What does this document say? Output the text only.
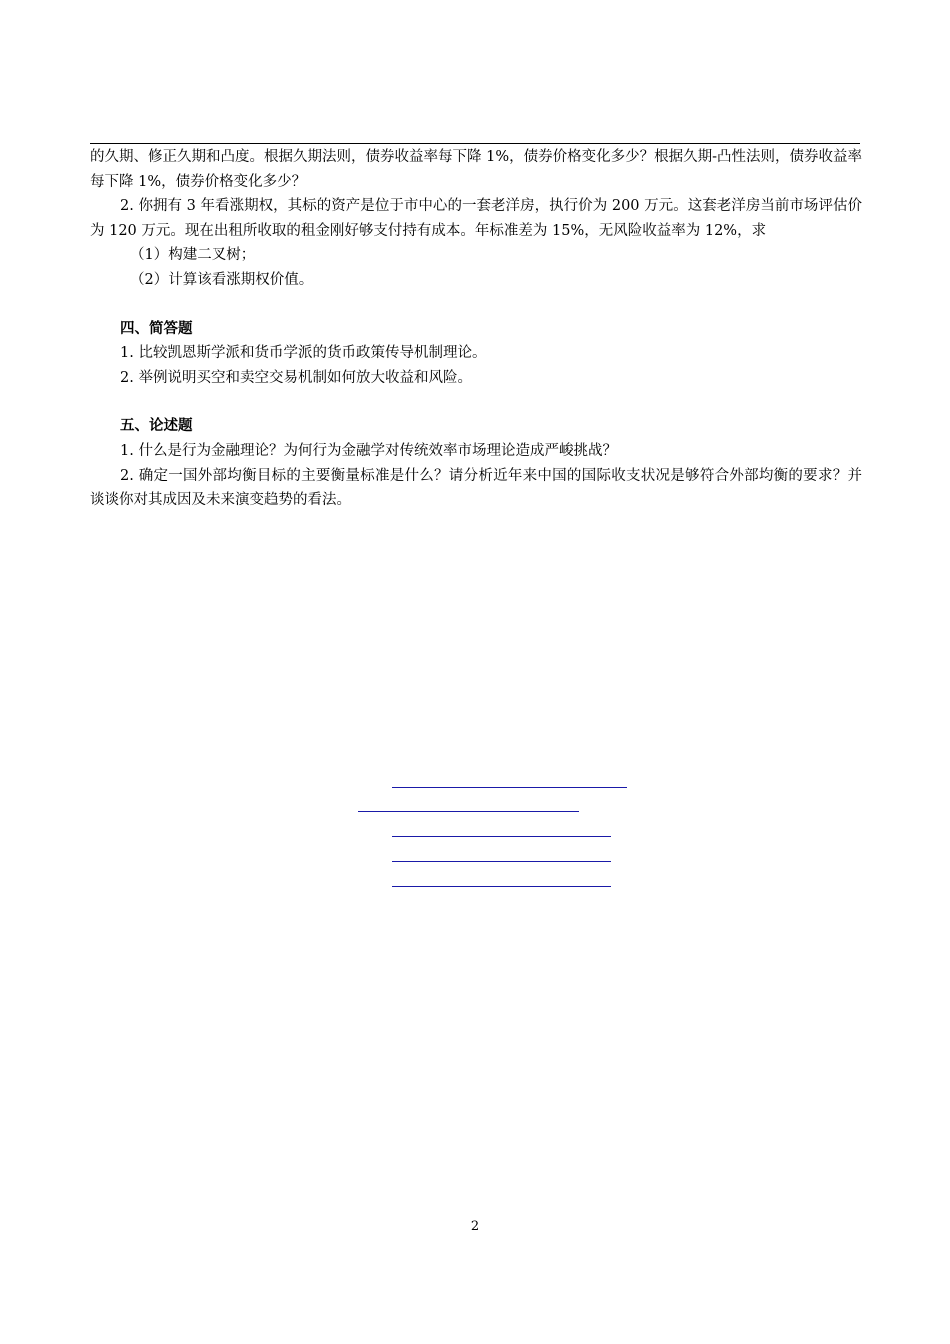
的久期、修正久期和凸度。根据久期法则，债券收益率每下降 1%，债券价格变化多少？根据久期-凸性法则，债券收益率每下降 1%，债券价格变化多少？

2. 你拥有 3 年看涨期权，其标的资产是位于市中心的一套老洋房，执行价为 200 万元。这套老洋房当前市场评估价为 120 万元。现在出租所收取的租金刚好够支付持有成本。年标准差为 15%，无风险收益率为 12%，求

（1）构建二叉树；

（2）计算该看涨期权价值。

四、简答题

1. 比较凯恩斯学派和货币学派的货币政策传导机制理论。

2. 举例说明买空和卖空交易机制如何放大收益和风险。

五、论述题

1. 什么是行为金融理论？为何行为金融学对传统效率市场理论造成严峻挑战？

2. 确定一国外部均衡目标的主要衡量标准是什么？请分析近年来中国的国际收支状况是够符合外部均衡的要求？并谈谈你对其成因及未来演变趋势的看法。

2
